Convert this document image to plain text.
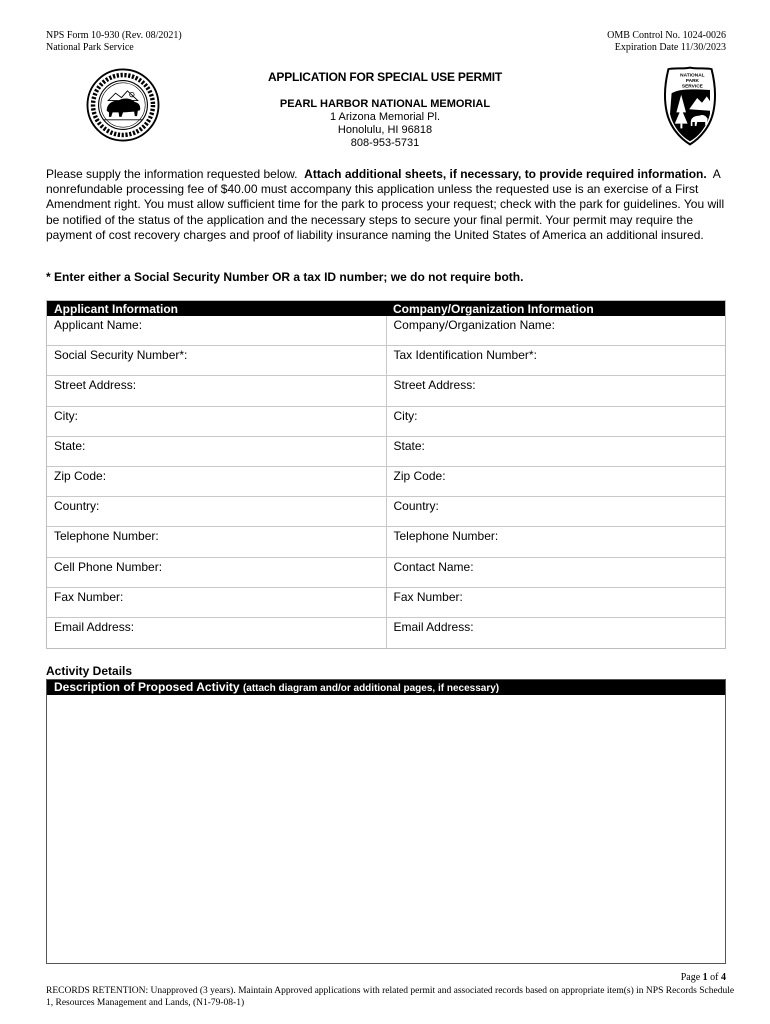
NPS Form 10-930 (Rev. 08/2021)
National Park Service
OMB Control No. 1024-0026
Expiration Date 11/30/2023
NATIONAL
PARK
SERVICE
APPLICATION FOR SPECIAL USE PERMIT
PEARL HARBOR NATIONAL MEMORIAL
1 Arizona Memorial Pl.
Honolulu, HI 96818
808-953-5731
Please supply the information requested below. Attach additional sheets, if necessary, to provide required information. A nonrefundable processing fee of $40.00 must accompany this application unless the requested use is an exercise of a First Amendment right. You must allow sufficient time for the park to process your request; check with the park for guidelines. You will be notified of the status of the application and the necessary steps to secure your final permit. Your permit may require the payment of cost recovery charges and proof of liability insurance naming the United States of America an additional insured.
* Enter either a Social Security Number OR a tax ID number; we do not require both.
Applicant Information	Company/Organization Information
Applicant Name:	Company/Organization Name:
Social Security Number*:	Tax Identification Number*:
Street Address:	Street Address:
City:	City:
State:	State:
Zip Code:	Zip Code:
Country:	Country:
Telephone Number:	Telephone Number:
Cell Phone Number:	Contact Name:
Fax Number:	Fax Number:
Email Address:	Email Address:
Activity Details
Description of Proposed Activity (attach diagram and/or additional pages, if necessary)
Page 1 of 4
RECORDS RETENTION: Unapproved (3 years). Maintain Approved applications with related permit and associated records based on appropriate item(s) in NPS Records Schedule 1, Resources Management and Lands, (N1-79-08-1)
